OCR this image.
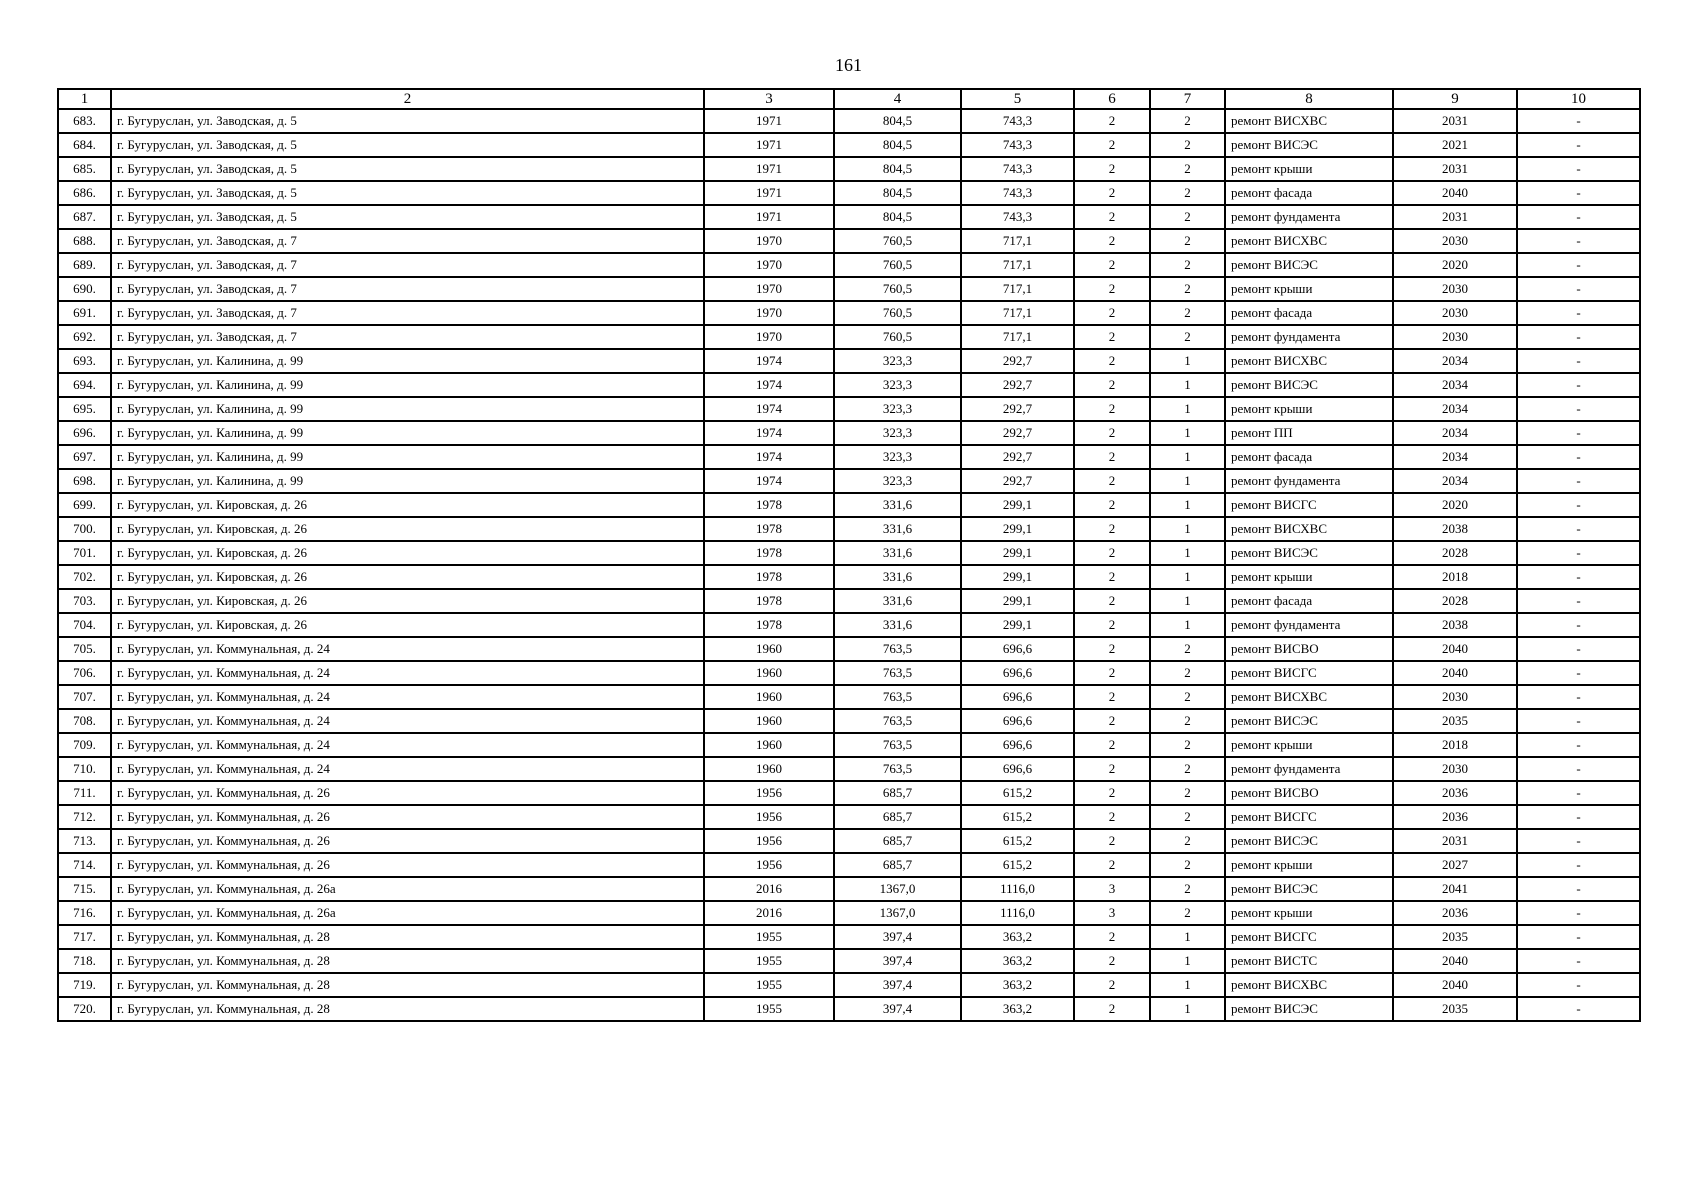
161
1	2	3	4	5	6	7	8	9	10
683.	г. Бугуруслан, ул. Заводская, д. 5	1971	804,5	743,3	2	2	ремонт ВИСХВС	2031	-
684.	г. Бугуруслан, ул. Заводская, д. 5	1971	804,5	743,3	2	2	ремонт ВИСЭС	2021	-
685.	г. Бугуруслан, ул. Заводская, д. 5	1971	804,5	743,3	2	2	ремонт крыши	2031	-
686.	г. Бугуруслан, ул. Заводская, д. 5	1971	804,5	743,3	2	2	ремонт фасада	2040	-
687.	г. Бугуруслан, ул. Заводская, д. 5	1971	804,5	743,3	2	2	ремонт фундамента	2031	-
688.	г. Бугуруслан, ул. Заводская, д. 7	1970	760,5	717,1	2	2	ремонт ВИСХВС	2030	-
689.	г. Бугуруслан, ул. Заводская, д. 7	1970	760,5	717,1	2	2	ремонт ВИСЭС	2020	-
690.	г. Бугуруслан, ул. Заводская, д. 7	1970	760,5	717,1	2	2	ремонт крыши	2030	-
691.	г. Бугуруслан, ул. Заводская, д. 7	1970	760,5	717,1	2	2	ремонт фасада	2030	-
692.	г. Бугуруслан, ул. Заводская, д. 7	1970	760,5	717,1	2	2	ремонт фундамента	2030	-
693.	г. Бугуруслан, ул. Калинина, д. 99	1974	323,3	292,7	2	1	ремонт ВИСХВС	2034	-
694.	г. Бугуруслан, ул. Калинина, д. 99	1974	323,3	292,7	2	1	ремонт ВИСЭС	2034	-
695.	г. Бугуруслан, ул. Калинина, д. 99	1974	323,3	292,7	2	1	ремонт крыши	2034	-
696.	г. Бугуруслан, ул. Калинина, д. 99	1974	323,3	292,7	2	1	ремонт ПП	2034	-
697.	г. Бугуруслан, ул. Калинина, д. 99	1974	323,3	292,7	2	1	ремонт фасада	2034	-
698.	г. Бугуруслан, ул. Калинина, д. 99	1974	323,3	292,7	2	1	ремонт фундамента	2034	-
699.	г. Бугуруслан, ул. Кировская, д. 26	1978	331,6	299,1	2	1	ремонт ВИСГС	2020	-
700.	г. Бугуруслан, ул. Кировская, д. 26	1978	331,6	299,1	2	1	ремонт ВИСХВС	2038	-
701.	г. Бугуруслан, ул. Кировская, д. 26	1978	331,6	299,1	2	1	ремонт ВИСЭС	2028	-
702.	г. Бугуруслан, ул. Кировская, д. 26	1978	331,6	299,1	2	1	ремонт крыши	2018	-
703.	г. Бугуруслан, ул. Кировская, д. 26	1978	331,6	299,1	2	1	ремонт фасада	2028	-
704.	г. Бугуруслан, ул. Кировская, д. 26	1978	331,6	299,1	2	1	ремонт фундамента	2038	-
705.	г. Бугуруслан, ул. Коммунальная, д. 24	1960	763,5	696,6	2	2	ремонт ВИСВО	2040	-
706.	г. Бугуруслан, ул. Коммунальная, д. 24	1960	763,5	696,6	2	2	ремонт ВИСГС	2040	-
707.	г. Бугуруслан, ул. Коммунальная, д. 24	1960	763,5	696,6	2	2	ремонт ВИСХВС	2030	-
708.	г. Бугуруслан, ул. Коммунальная, д. 24	1960	763,5	696,6	2	2	ремонт ВИСЭС	2035	-
709.	г. Бугуруслан, ул. Коммунальная, д. 24	1960	763,5	696,6	2	2	ремонт крыши	2018	-
710.	г. Бугуруслан, ул. Коммунальная, д. 24	1960	763,5	696,6	2	2	ремонт фундамента	2030	-
711.	г. Бугуруслан, ул. Коммунальная, д. 26	1956	685,7	615,2	2	2	ремонт ВИСВО	2036	-
712.	г. Бугуруслан, ул. Коммунальная, д. 26	1956	685,7	615,2	2	2	ремонт ВИСГС	2036	-
713.	г. Бугуруслан, ул. Коммунальная, д. 26	1956	685,7	615,2	2	2	ремонт ВИСЭС	2031	-
714.	г. Бугуруслан, ул. Коммунальная, д. 26	1956	685,7	615,2	2	2	ремонт крыши	2027	-
715.	г. Бугуруслан, ул. Коммунальная, д. 26а	2016	1367,0	1116,0	3	2	ремонт ВИСЭС	2041	-
716.	г. Бугуруслан, ул. Коммунальная, д. 26а	2016	1367,0	1116,0	3	2	ремонт крыши	2036	-
717.	г. Бугуруслан, ул. Коммунальная, д. 28	1955	397,4	363,2	2	1	ремонт ВИСГС	2035	-
718.	г. Бугуруслан, ул. Коммунальная, д. 28	1955	397,4	363,2	2	1	ремонт ВИСТС	2040	-
719.	г. Бугуруслан, ул. Коммунальная, д. 28	1955	397,4	363,2	2	1	ремонт ВИСХВС	2040	-
720.	г. Бугуруслан, ул. Коммунальная, д. 28	1955	397,4	363,2	2	1	ремонт ВИСЭС	2035	-
